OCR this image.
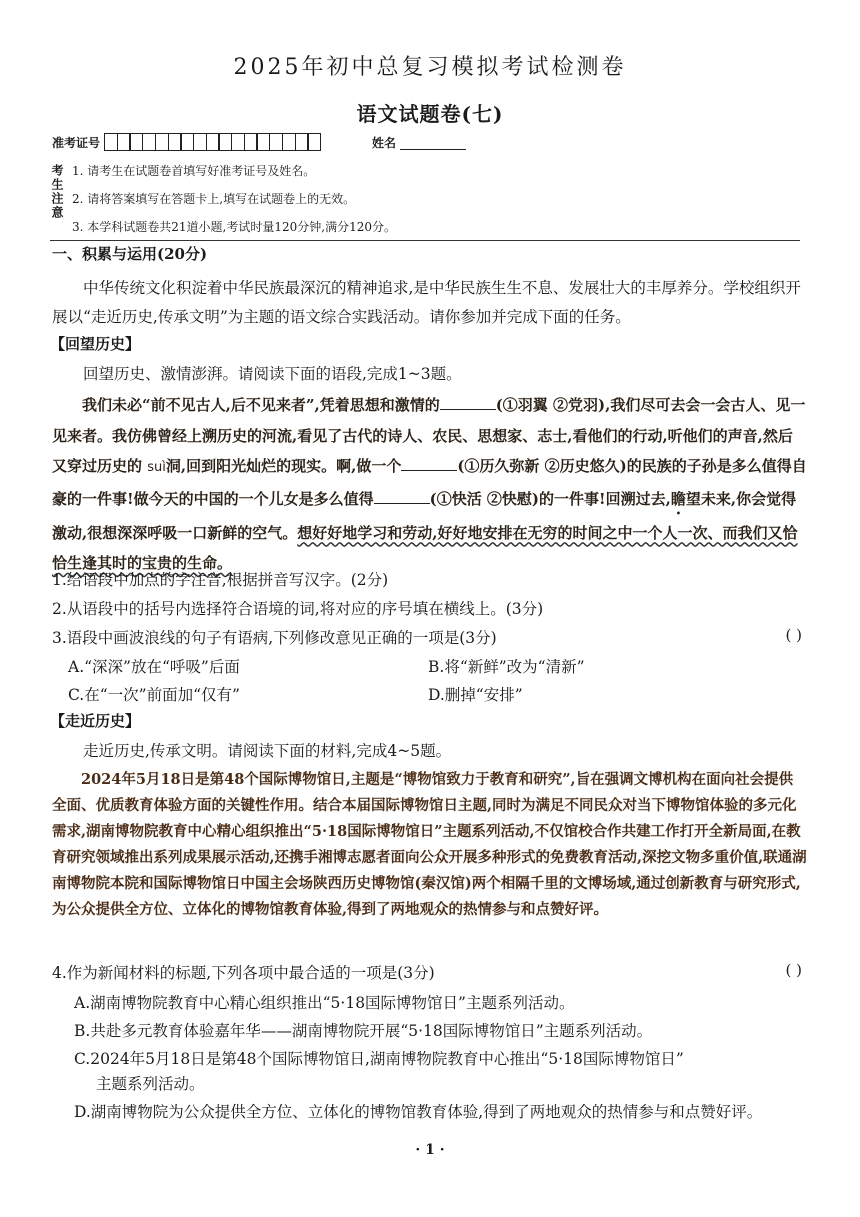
2025年初中总复习模拟考试检测卷
语文试题卷(七)
准考证号	姓名
考生注意 1. 请考生在试题卷首填写好准考证号及姓名。
2. 请将答案填写在答题卡上,填写在试题卷上的无效。
3. 本学科试题卷共21道小题,考试时量120分钟,满分120分。
一、积累与运用(20分)
中华传统文化积淀着中华民族最深沉的精神追求,是中华民族生生不息、发展壮大的丰厚养分。学校组织开展以“走近历史,传承文明”为主题的语文综合实践活动。请你参加并完成下面的任务。
【回望历史】
回望历史、激情澎湃。请阅读下面的语段,完成1~3题。
我们未必“前不见古人,后不见来者”,凭着思想和激情的	(①羽翼 ②党羽),我们尽可去会一会古人、见一见来者。我仿佛曾经上溯历史的河流,看见了古代的诗人、农民、思想家、志士,看他们的行动,听他们的声音,然后又穿过历史的 suì洞,回到阳光灿烂的现实。啊,做一个	(①历久弥新 ②历史悠久)的民族的子孙是多么值得自豪的一件事!做今天的中国的一个儿女是多么值得	(①快活 ②快慰)的一件事!回溯过去,瞻望未来,你会觉得激动,很想深深呼吸一口新鲜的空气。想好好地学习和劳动,好好地安排在无穷的时间之中一个人一次、而我们又恰恰生逢其时的宝贵的生命。
1.给语段中加点的字注音,根据拼音写汉字。(2分)
2.从语段中的括号内选择符合语境的词,将对应的序号填在横线上。(3分)
3.语段中画波浪线的句子有语病,下列修改意见正确的一项是(3分)	( )
A.“深深”放在“呼吸”后面	B.将“新鲜”改为“清新”
C.在“一次”前面加“仅有”	D.删掉“安排”
【走近历史】
走近历史,传承文明。请阅读下面的材料,完成4~5题。
2024年5月18日是第48个国际博物馆日,主题是“博物馆致力于教育和研究”,旨在强调文博机构在面向社会提供全面、优质教育体验方面的关键性作用。结合本届国际博物馆日主题,同时为满足不同民众对当下博物馆体验的多元化需求,湖南博物院教育中心精心组织推出“5·18国际博物馆日”主题系列活动,不仅馆校合作共建工作打开全新局面,在教育研究领域推出系列成果展示活动,还携手湘博志愿者面向公众开展多种形式的免费教育活动,深挖文物多重价值,联通湖南博物院本院和国际博物馆日中国主会场陕西历史博物馆(秦汉馆)两个相隔千里的文博场域,通过创新教育与研究形式,为公众提供全方位、立体化的博物馆教育体验,得到了两地观众的热情参与和点赞好评。
4.作为新闻材料的标题,下列各项中最合适的一项是(3分)	( )
A.湖南博物院教育中心精心组织推出“5·18国际博物馆日”主题系列活动。
B.共赴多元教育体验嘉年华——湖南博物院开展“5·18国际博物馆日”主题系列活动。
C.2024年5月18日是第48个国际博物馆日,湖南博物院教育中心推出“5·18国际博物馆日”
主题系列活动。
D.湖南博物院为公众提供全方位、立体化的博物馆教育体验,得到了两地观众的热情参与和点赞好评。
· 1 ·
